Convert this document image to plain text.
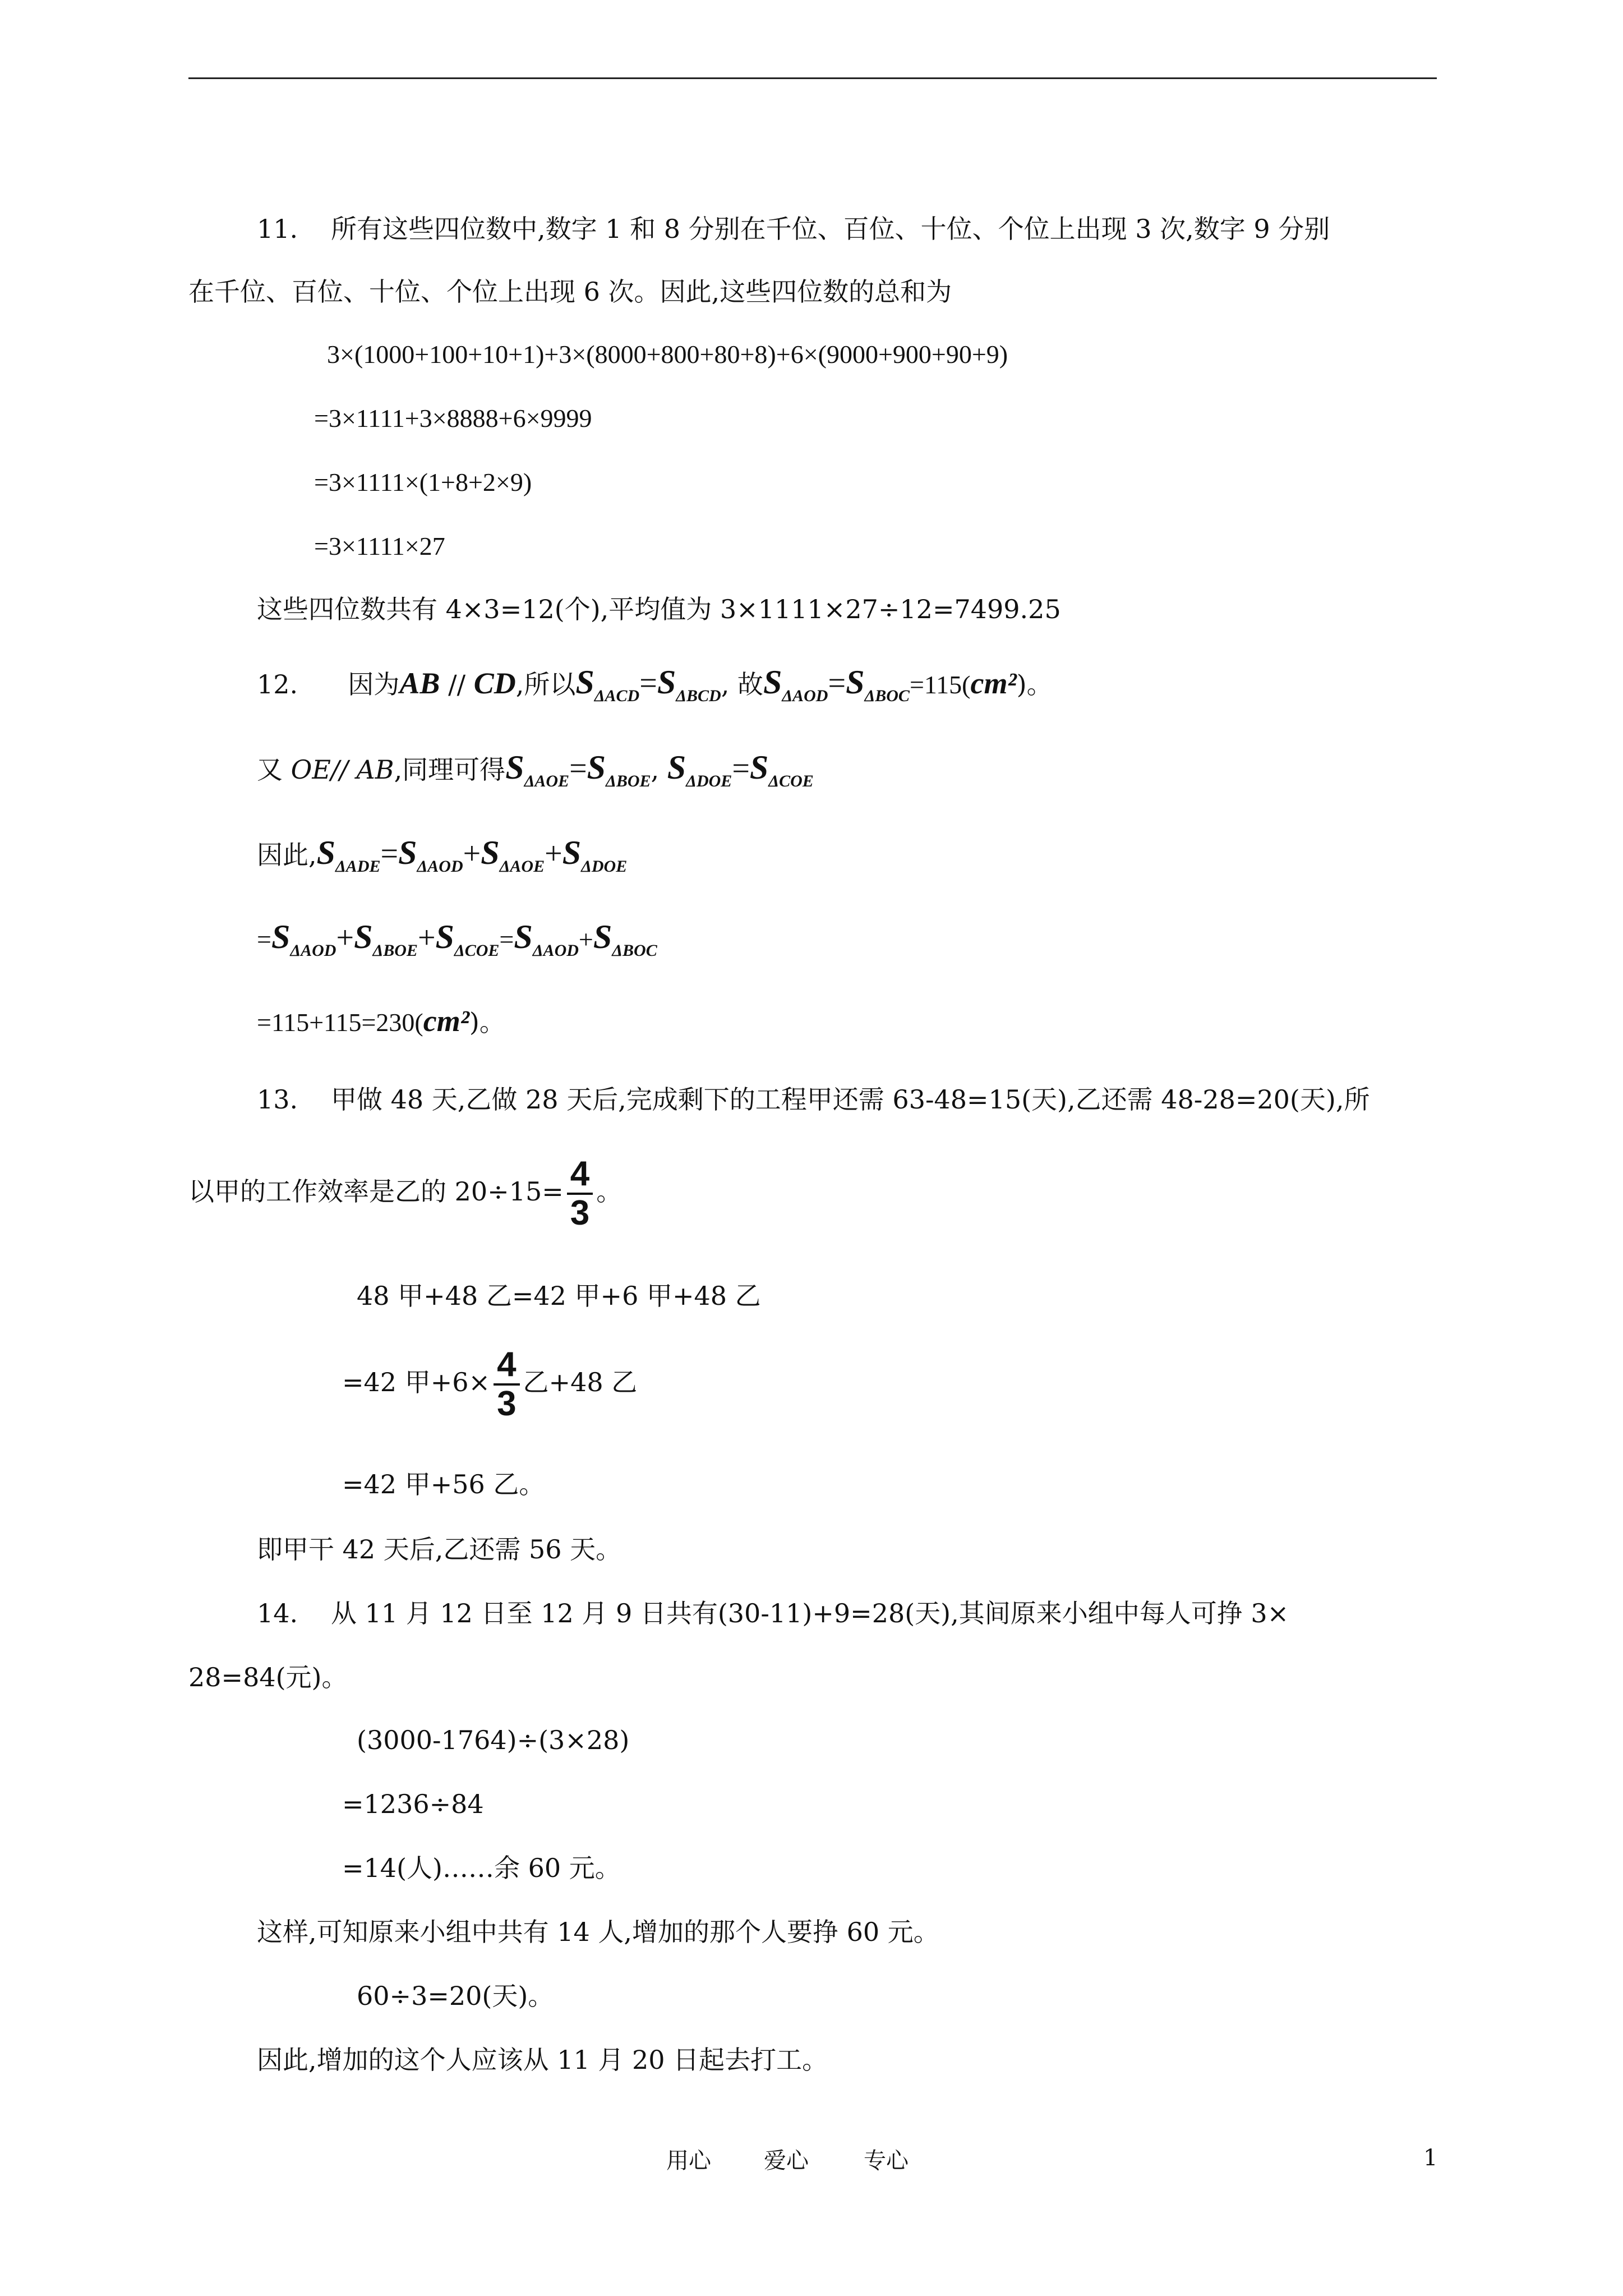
11. 所有这些四位数中,数字 1 和 8 分别在千位、百位、十位、个位上出现 3 次,数字 9 分别
在千位、百位、十位、个位上出现 6 次。因此,这些四位数的总和为
3×(1000+100+10+1)+3×(8000+800+80+8)+6×(9000+900+90+9)
=3×1111+3×8888+6×9999
=3×1111×(1+8+2×9)
=3×1111×27
这些四位数共有 4×3=12(个),平均值为 3×1111×27÷12=7499.25
12. 因为AB // CD,所以$S_{\Delta ACD}=S_{\Delta BCD}$, 故$S_{\Delta AOD}=S_{\Delta BOC}=115(cm^2)$。
又 OE// AB,同理可得$S_{\Delta AOE}=S_{\Delta BOE}$, $S_{\Delta DOE}=S_{\Delta COE}$
因此$,S_{\Delta ADE}=S_{\Delta AOD}+S_{\Delta AOE}+S_{\Delta DOE}$
$=S_{\Delta AOD}+S_{\Delta BOE}+S_{\Delta COE}=S_{\Delta AOD}+S_{\Delta BOC}$
=115+115=230(cm²)。
13. 甲做 48 天,乙做 28 天后,完成剩下的工程甲还需 63-48=15(天),乙还需 48-28=20(天),所
以甲的工作效率是乙的 $20\div 15= \frac{4}{3}$ 。
48 甲+48 乙=42 甲+6 甲+48 乙
=42 甲$+6\times \frac{4}{3}$ 乙+48 乙
=42 甲+56 乙。
即甲干 42 天后,乙还需 56 天。
14. 从 11 月 12 日至 12 月 9 日共有(30-11)+9=28(天),其间原来小组中每人可挣 3×
28=84(元)。
(3000-1764)÷(3×28)
=1236÷84
=14(人)……余 60 元。
这样,可知原来小组中共有 14 人,增加的那个人要挣 60 元。
60÷3=20(天)。
因此,增加的这个人应该从 11 月 20 日起去打工。
用心 爱心 专心	1
